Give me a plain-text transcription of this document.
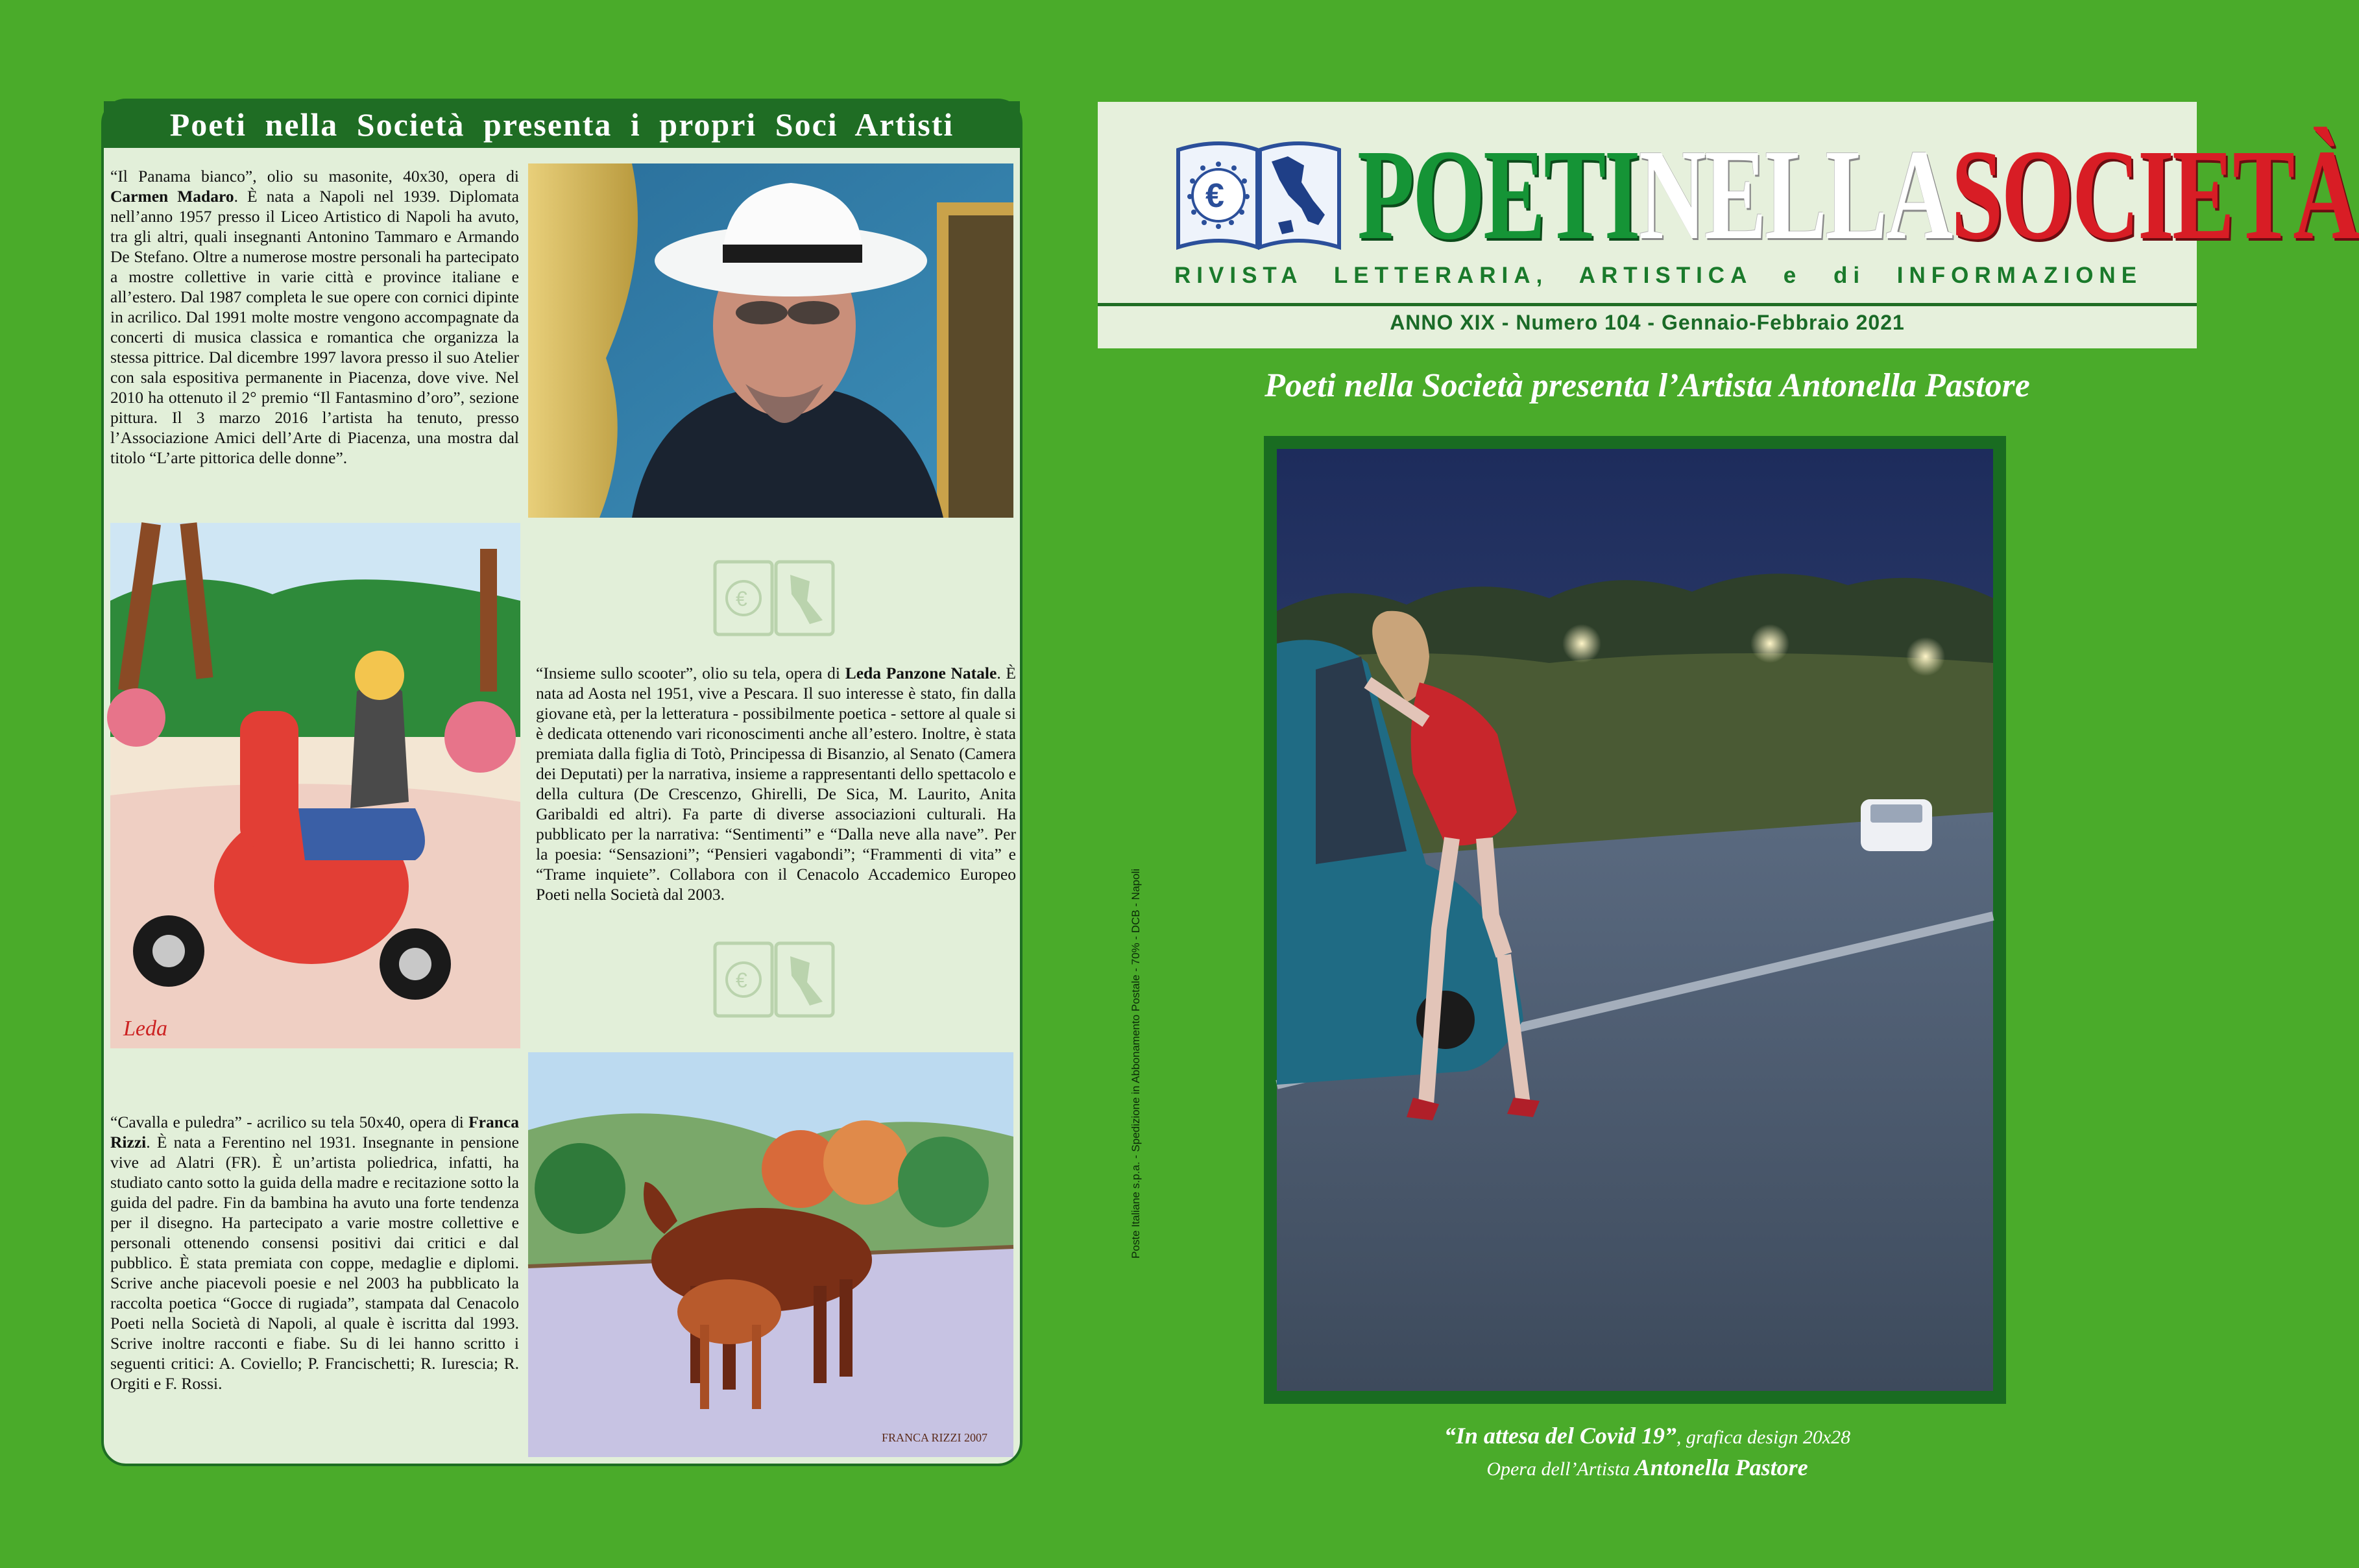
Poeti nella Società presenta i propri Soci Artisti
“Il Panama bianco”, olio su masonite, 40x30, opera di Carmen Madaro. È nata a Napoli nel 1939. Diplomata nell’anno 1957 presso il Liceo Artistico di Napoli ha avuto, tra gli altri, quali insegnanti Antonino Tammaro e Armando De Stefano. Oltre a numerose mostre personali ha partecipato a mostre collettive in varie città e province italiane e all’estero. Dal 1987 completa le sue opere con cornici dipinte in acrilico. Dal 1991 molte mostre vengono accompagnate da concerti di musica classica e romantica che organizza la stessa pittrice. Dal dicembre 1997 lavora presso il suo Atelier con sala espositiva permanente in Piacenza, dove vive. Nel 2010 ha ottenuto il 2° premio “Il Fantasmino d’oro”, sezione pittura. Il 3 marzo 2016 l’artista ha tenuto, presso l’Associazione Amici dell’Arte di Piacenza, una mostra dal titolo “L’arte pittorica delle donne”.
Leda
€
“Insieme sullo scooter”, olio su tela, opera di Leda Panzone Natale. È nata ad Aosta nel 1951, vive a Pescara. Il suo interesse è stato, fin dalla giovane età, per la letteratura - possibilmente poetica - settore al quale si è dedicata ottenendo vari riconoscimenti anche all’estero. Inoltre, è stata premiata dalla figlia di Totò, Principessa di Bisanzio, al Senato (Camera dei Deputati) per la narrativa, insieme a rappresentanti dello spettacolo e della cultura (De Crescenzo, Ghirelli, De Sica, M. Laurito, Anita Garibaldi ed altri). Fa parte di diverse associazioni culturali. Ha pubblicato per la narrativa: “Sentimenti” e “Dalla neve alla nave”. Per la poesia: “Sensazioni”; “Pensieri vagabondi”; “Frammenti di vita” e “Trame inquiete”. Collabora con il Cenacolo Accademico Europeo Poeti nella Società dal 2003.
€
“Cavalla e puledra” - acrilico su tela 50x40, opera di Franca Rizzi. È nata a Ferentino nel 1931. Insegnante in pensione vive ad Alatri (FR). È un’artista poliedrica, infatti, ha studiato canto sotto la guida della madre e recitazione sotto la guida del padre. Fin da bambina ha avuto una forte tendenza per il disegno. Ha partecipato a varie mostre collettive e personali ottenendo consensi positivi dai critici e dal pubblico. È stata premiata con coppe, medaglie e diplomi. Scrive anche piacevoli poesie e nel 2003 ha pubblicato la raccolta poetica “Gocce di rugiada”, stampata dal Cenacolo Poeti nella Società di Napoli, al quale è iscritta dal 1993. Scrive inoltre racconti e fiabe. Su di lei hanno scritto i seguenti critici: A. Coviello; P. Francischetti; R. Iurescia; R. Orgiti e F. Rossi.
FRANCA RIZZI 2007
Poste Italiane s.p.a. - Spedizione in Abbonamento Postale - 70% - DCB - Napoli
€ POETINELLASOCIETÀ
RIVISTA LETTERARIA, ARTISTICA e di INFORMAZIONE
ANNO XIX - Numero 104 - Gennaio-Febbraio 2021
Poeti nella Società presenta l’Artista Antonella Pastore
“In attesa del Covid 19”, grafica design 20x28
Opera dell’Artista Antonella Pastore
